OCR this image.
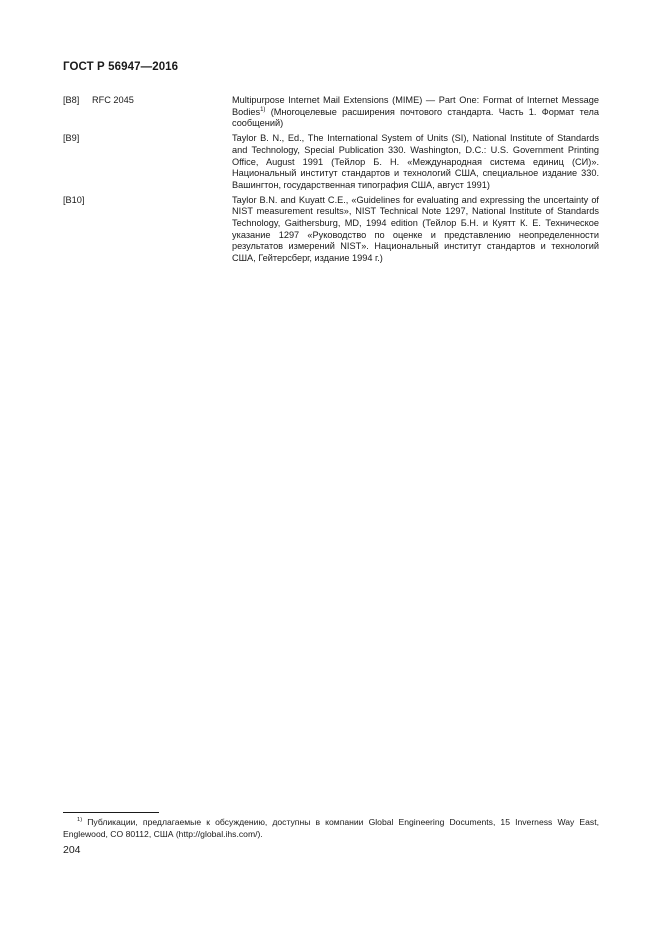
ГОСТ Р 56947—2016
[B8] RFC 2045	Multipurpose Internet Mail Extensions (MIME) — Part One: Format of Internet Message Bodies$^{1)}$ (Многоцелевые расширения почтового стандарта. Часть 1. Формат тела сообщений)
[B9]	Taylor B. N., Ed., The International System of Units (SI), National Institute of Standards and Technology, Special Publication 330. Washington, D.C.: U.S. Government Printing Office, August 1991 (Тейлор Б. Н. «Международная система единиц (СИ)». Национальный институт стандартов и технологий США, специальное издание 330. Вашингтон, государственная типография США, август 1991)
[B10]	Taylor B.N. and Kuyatt C.E., «Guidelines for evaluating and expressing the uncertainty of NIST measurement results», NIST Technical Note 1297, National Institute of Standards Technology, Gaithersburg, MD, 1994 edition (Тейлор Б.Н. и Куятт К. Е. Техническое указание 1297 «Руководство по оценке и представлению неопределенности результатов измерений NIST». Национальный институт стандартов и технологий США, Гейтерсберг, издание 1994 г.)
$^{1)}$ Публикации, предлагаемые к обсуждению, доступны в компании Global Engineering Documents, 15 Inverness Way East, Englewood, CO 80112, США (http://global.ihs.com/).
204
